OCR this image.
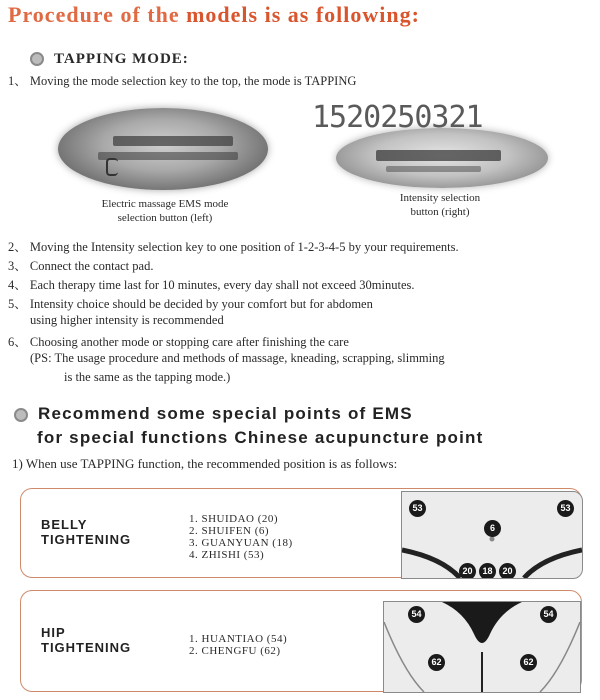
Procedure of the models is as following:
TAPPING MODE:
1、 Moving the mode selection key to the top, the mode is TAPPING
Electric massage EMS mode
selection button (left)
1520250321
Intensity selection
button (right)
2、 Moving the Intensity selection key to one position of 1-2-3-4-5 by your requirements.
3、 Connect the contact pad.
4、 Each therapy time last for 10 minutes, every day shall not exceed 30minutes.
5、 Intensity choice should be decided by your comfort but for abdomen
using higher intensity is recommended
6、 Choosing another mode or stopping care after finishing the care
(PS: The usage procedure and methods of massage, kneading, scrapping, slimming
is the same as the tapping mode.)
Recommend some special points of EMS
for special functions Chinese acupuncture point
1) When use TAPPING function, the recommended position is as follows:
BELLY
TIGHTENING
1. SHUIDAO (20)
2. SHUIFEN (6)
3. GUANYUAN (18)
4. ZHISHI (53)
53	53
6
20	18	20
HIP
TIGHTENING
1. HUANTIAO (54)
2. CHENGFU (62)
54	54
62	62
